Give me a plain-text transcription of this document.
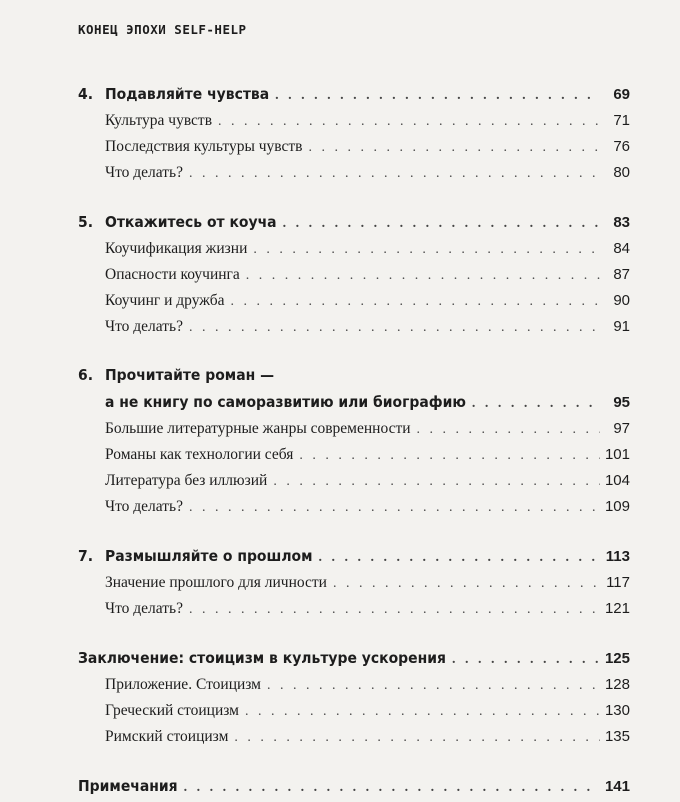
КОНЕЦ ЭПОХИ SELF-HELP
4. Подавляйте чувства . . .	69
Культура чувств . . .	71
Последствия культуры чувств . . .	76
Что делать? . . .	80
5. Откажитесь от коуча . . .	83
Коучификация жизни . . .	84
Опасности коучинга . . .	87
Коучинг и дружба . . .	90
Что делать? . . .	91
6. Прочитайте роман —
а не книгу по саморазвитию или биографию . . .	95
Большие литературные жанры современности . . .	97
Романы как технологии себя . . .	101
Литература без иллюзий . . .	104
Что делать? . . .	109
7. Размышляйте о прошлом . . .	113
Значение прошлого для личности . . .	117
Что делать? . . .	121
Заключение: стоицизм в культуре ускорения . . .	125
Приложение. Стоицизм . . .	128
Греческий стоицизм . . .	130
Римский стоицизм . . .	135
Примечания . . .	141
